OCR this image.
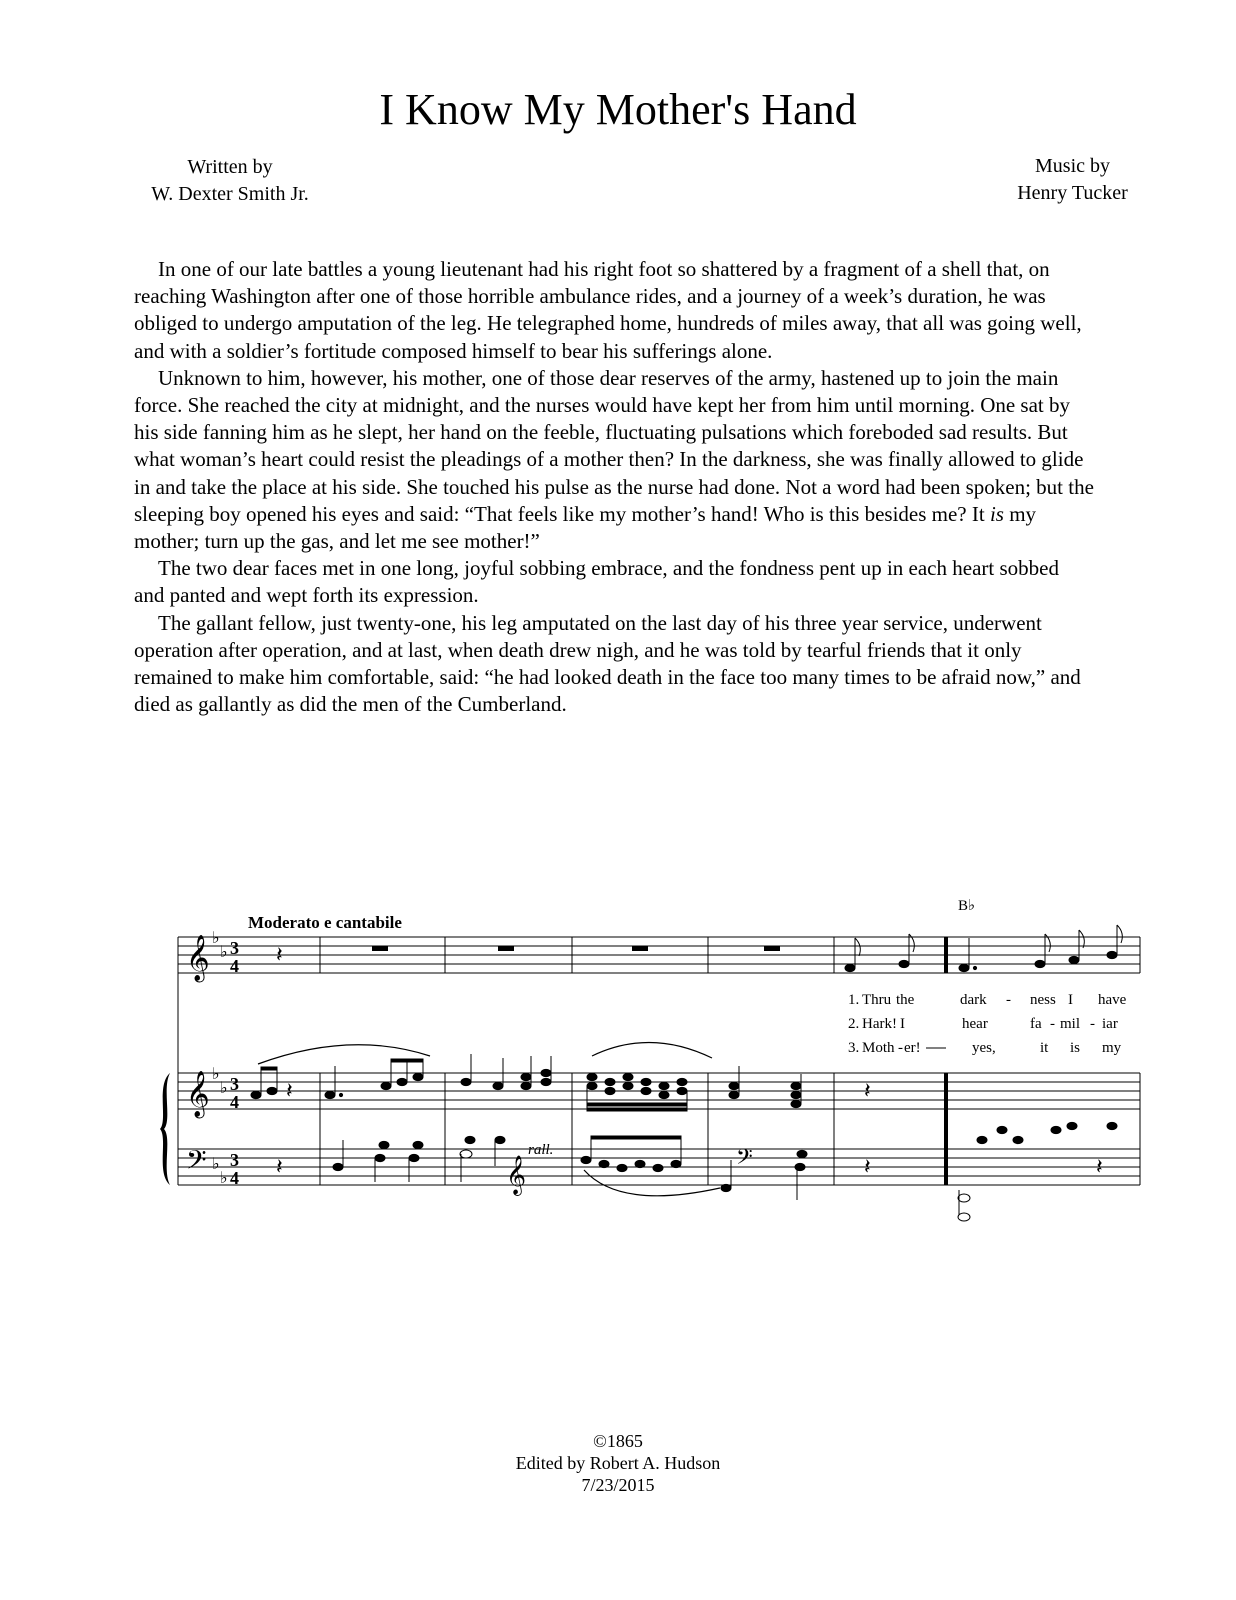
I Know My Mother's Hand
Written by
W. Dexter Smith Jr.
Music by
Henry Tucker

In one of our late battles a young lieutenant had his right foot so shattered by a fragment of a shell that, on reaching Washington after one of those horrible ambulance rides, and a journey of a week’s duration, he was obliged to undergo amputation of the leg. He telegraphed home, hundreds of miles away, that all was going well, and with a soldier’s fortitude composed himself to bear his sufferings alone.

Unknown to him, however, his mother, one of those dear reserves of the army, hastened up to join the main force. She reached the city at midnight, and the nurses would have kept her from him until morning. One sat by his side fanning him as he slept, her hand on the feeble, fluctuating pulsations which foreboded sad results. But what woman’s heart could resist the pleadings of a mother then? In the darkness, she was finally allowed to glide in and take the place at his side. She touched his pulse as the nurse had done. Not a word had been spoken; but the sleeping boy opened his eyes and said: “That feels like my mother’s hand! Who is this besides me? It is my mother; turn up the gas, and let me see mother!”

The two dear faces met in one long, joyful sobbing embrace, and the fondness pent up in each heart sobbed and panted and wept forth its expression.

The gallant fellow, just twenty-one, his leg amputated on the last day of his three year service, underwent operation after operation, and at last, when death drew nigh, and he was told by tearful friends that it only remained to make him comfortable, said: “he had looked death in the face too many times to be afraid now,” and died as gallantly as did the men of the Cumberland.

𝄞
𝄞
𝄢	𝄞	𝄢
♭
♭
♭
♭
♭
♭
3
4
3
4
3
4
Moderato e cantabile
B♭
𝄽
𝄽
𝄽
𝄽
𝄽	𝄽
rall.
1. Thru the	dark - ness I have
2. Hark! I	hear	fa - mil - iar
3. Moth - er!	yes,	it is my
©1865
Edited by Robert A. Hudson
7/23/2015
